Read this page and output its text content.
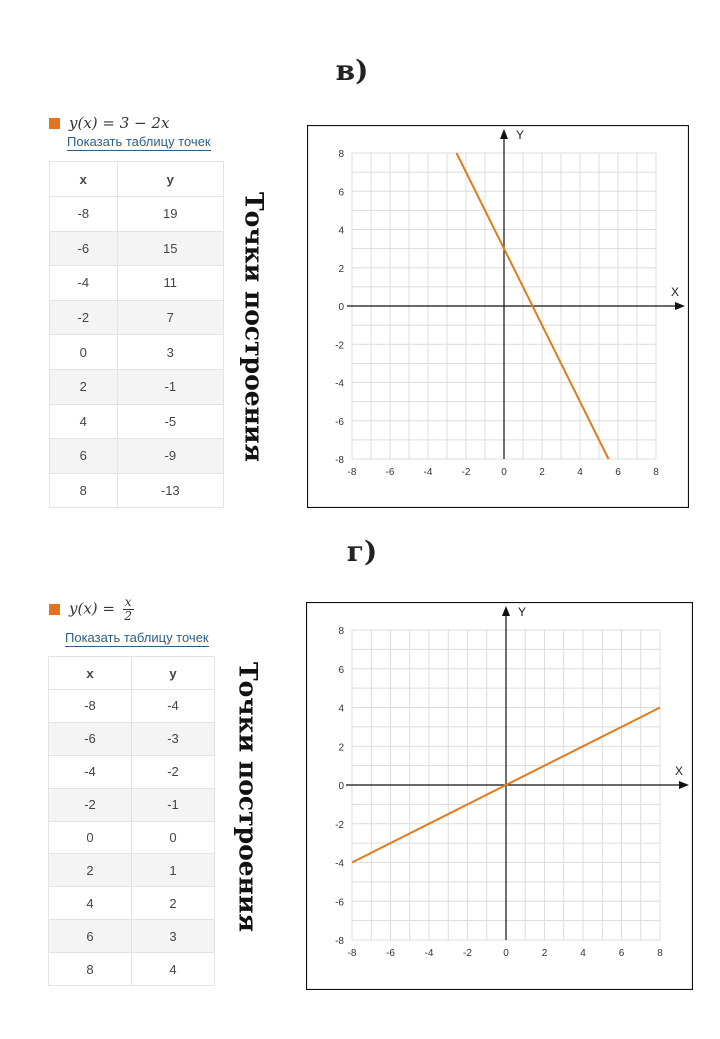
в)
y(x) = 3 − 2x
Показать таблицу точек
x	y
-8	19
-6	15
-4	11
-2	7
0	3
2	-1
4	-5
6	-9
8	-13
Точки построения	X
Y
-8	-6	-4	-2	0	2	4	6	8
-8
-6
-4
-2
0
2
4
6
8
г)
$y(x) = \frac{x}{2}$
Показать таблицу точек
x	y
-8	-4
-6	-3
-4	-2
-2	-1
0	0
2	1
4	2
6	3
8	4
Точки построения	X
Y
-8	-6	-4	-2	0	2	4	6	8
-8
-6
-4
-2
0
2
4
6
8
